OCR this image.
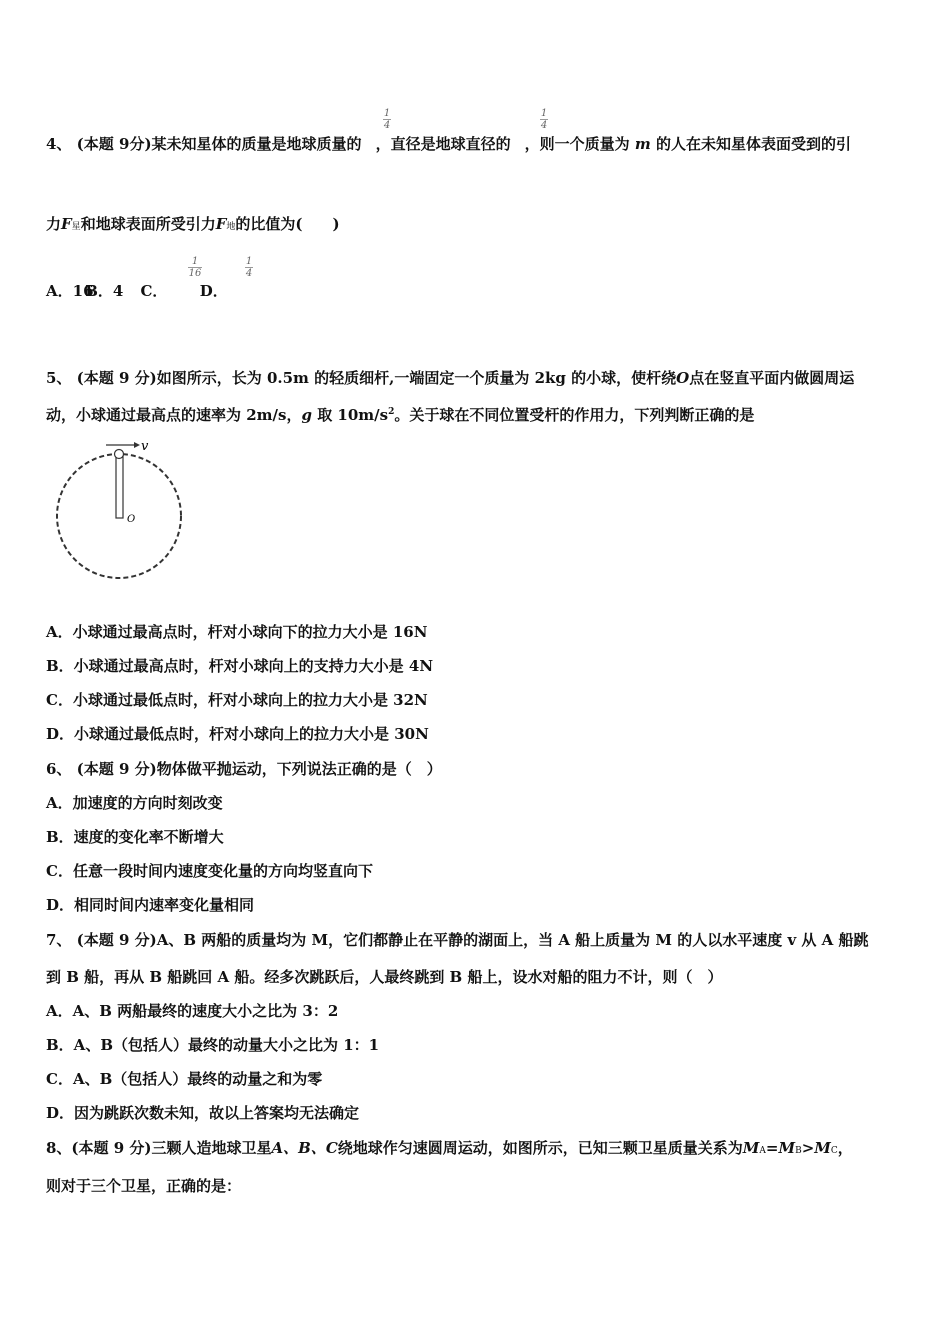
4、 (本题 9分)某未知星体的质量是地球质量的 ，直径是地球直径的 ，则一个质量为 m 的人在未知星体表面受到的引
1
4
1
4
力F星和地球表面所受引力F地的比值为(　　)
A．16 B．4 C． D．
1
16
1
4
5、 (本题 9 分)如图所示，长为 0.5m 的轻质细杆,一端固定一个质量为 2kg 的小球，使杆绕O点在竖直平面内做圆周运
动，小球通过最高点的速率为 2m/s，g 取 $10m/s^2$。关于球在不同位置受杆的作用力，下列判断正确的是
v
O
A．小球通过最高点时，杆对小球向下的拉力大小是 16N
B．小球通过最高点时，杆对小球向上的支持力大小是 4N
C．小球通过最低点时，杆对小球向上的拉力大小是 32N
D．小球通过最低点时，杆对小球向上的拉力大小是 30N
6、 (本题 9 分)物体做平抛运动，下列说法正确的是（　）
A．加速度的方向时刻改变
B．速度的变化率不断增大
C．任意一段时间内速度变化量的方向均竖直向下
D．相同时间内速率变化量相同
7、 (本题 9 分)A、B 两船的质量均为 M，它们都静止在平静的湖面上，当 A 船上质量为 M 的人以水平速度 v 从 A 船跳
到 B 船，再从 B 船跳回 A 船。经多次跳跃后，人最终跳到 B 船上，设水对船的阻力不计，则（　）
A．A、B 两船最终的速度大小之比为 3：2
B．A、B（包括人）最终的动量大小之比为 1：1
C．A、B（包括人）最终的动量之和为零
D．因为跳跃次数未知，故以上答案均无法确定
8、(本题 9 分)三颗人造地球卫星A、B、C绕地球作匀速圆周运动，如图所示，已知三颗卫星质量关系为MA=MB>MC，
则对于三个卫星，正确的是：
